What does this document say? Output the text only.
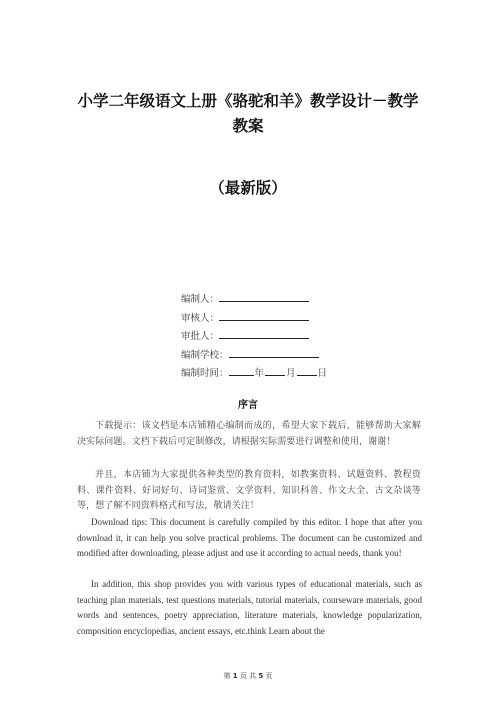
小学二年级语文上册《骆驼和羊》教学设计－教学教案
（最新版）
编制人：
审核人：
审批人：
编制学校：
编制时间：	年 月 日
序言
下载提示：该文档是本店铺精心编制而成的，希望大家下载后，能够帮助大家解决实际问题。文档下载后可定制修改，请根据实际需要进行调整和使用，谢谢！
并且，本店铺为大家提供各种类型的教育资料，如教案资料、试题资料、教程资料、课件资料、好词好句、诗词鉴赏、文学资料、知识科普、作文大全、古文杂谈等等，想了解不同资料格式和写法，敬请关注！
Download tips: This document is carefully compiled by this editor. I hope that after you download it, it can help you solve practical problems. The document can be customized and modified after downloading, please adjust and use it according to actual needs, thank you!
In addition, this shop provides you with various types of educational materials, such as teaching plan materials, test questions materials, tutorial materials, courseware materials, good words and sentences, poetry appreciation, literature materials, knowledge popularization, composition encyclopedias, ancient essays, etc.think Learn about the
第 1 页 共 5 页
